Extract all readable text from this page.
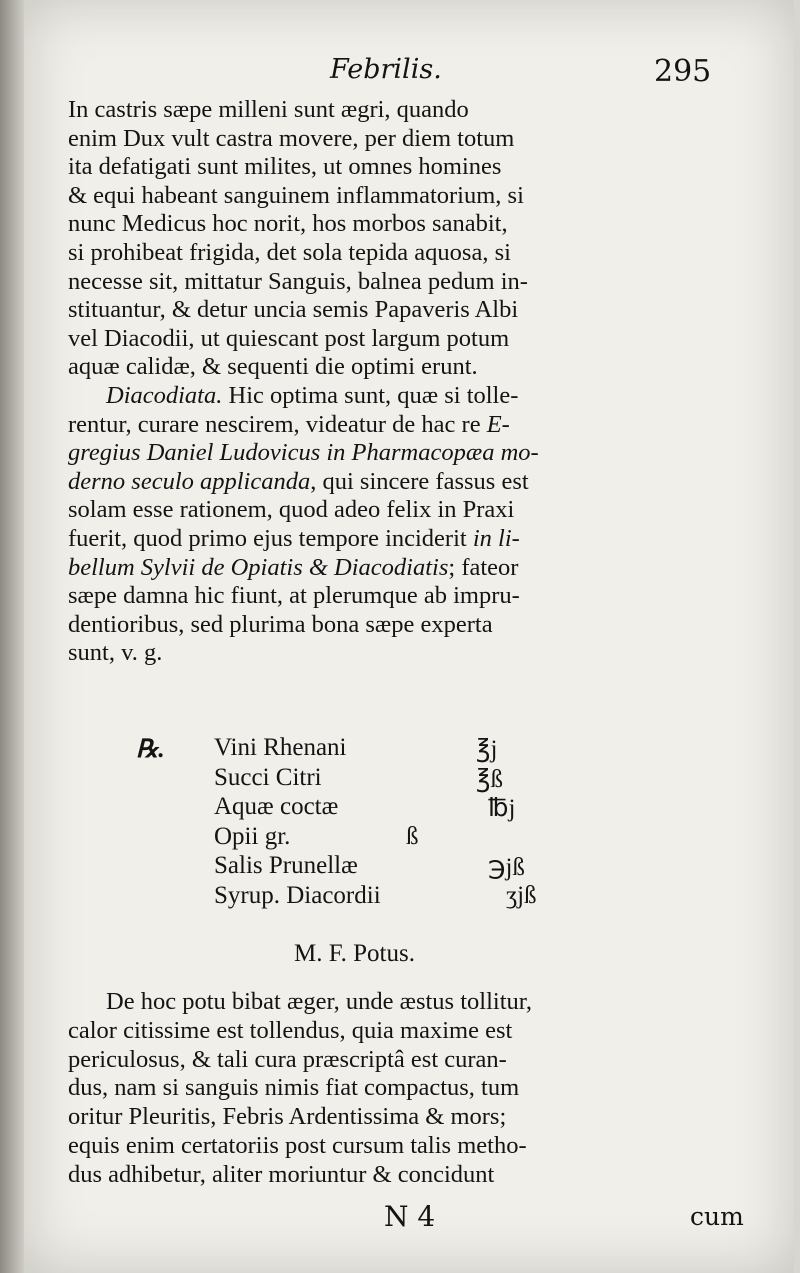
Febrilis.	295
In castris sæpe milleni sunt ægri, quando
enim Dux vult castra movere, per diem totum
ita defatigati sunt milites, ut omnes homines
& equi habeant sanguinem inflammatorium, si
nunc Medicus hoc norit, hos morbos sanabit,
si prohibeat frigida, det sola tepida aquosa, si
necesse sit, mittatur Sanguis, balnea pedum in-
stituantur, & detur uncia semis Papaveris Albi
vel Diacodii, ut quiescant post largum potum
aquæ calidæ, & sequenti die optimi erunt.
Diacodiata. Hic optima sunt, quæ si tolle-
rentur, curare nescirem, videatur de hac re E-
gregius Daniel Ludovicus in Pharmacopæa mo-
derno seculo applicanda, qui sincere fassus est
solam esse rationem, quod adeo felix in Praxi
fuerit, quod primo ejus tempore inciderit in li-
bellum Sylvii de Opiatis & Diacodiatis; fateor
sæpe damna hic fiunt, at plerumque ab impru-
dentioribus, sed plurima bona sæpe experta
sunt, v. g.
℞. Vini Rhenani	℥j
Succi Citri	℥ß
Aquæ coctæ	℔j
Opii gr.	ß
Salis Prunellæ	℈jß
Syrup. Diacordii	ʒjß
M. F. Potus.
De hoc potu bibat æger, unde æstus tollitur,
calor citissime est tollendus, quia maxime est
periculosus, & tali cura præscriptâ est curan-
dus, nam si sanguis nimis fiat compactus, tum
oritur Pleuritis, Febris Ardentissima & mors;
equis enim certatoriis post cursum talis metho-
dus adhibetur, aliter moriuntur & concidunt
N 4	cum
